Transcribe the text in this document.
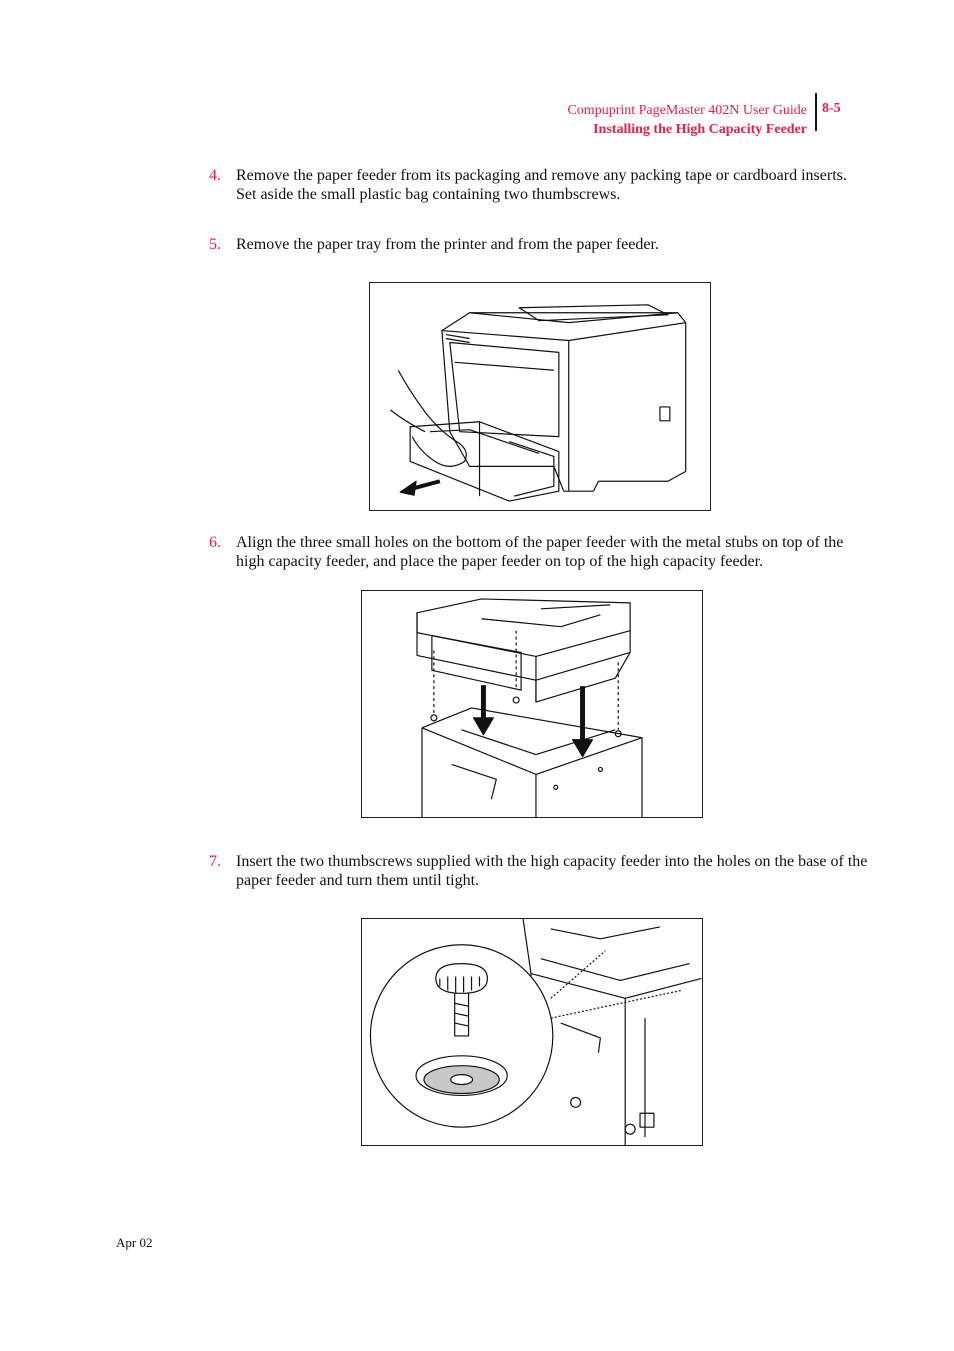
Compuprint PageMaster 402N User Guide
Installing the High Capacity Feeder
8-5
4. Remove the paper feeder from its packaging and remove any packing tape or cardboard inserts. Set aside the small plastic bag containing two thumbscrews.
5. Remove the paper tray from the printer and from the paper feeder.
6. Align the three small holes on the bottom of the paper feeder with the metal stubs on top of the high capacity feeder, and place the paper feeder on top of the high capacity feeder.
7. Insert the two thumbscrews supplied with the high capacity feeder into the holes on the base of the paper feeder and turn them until tight.
Apr 02
